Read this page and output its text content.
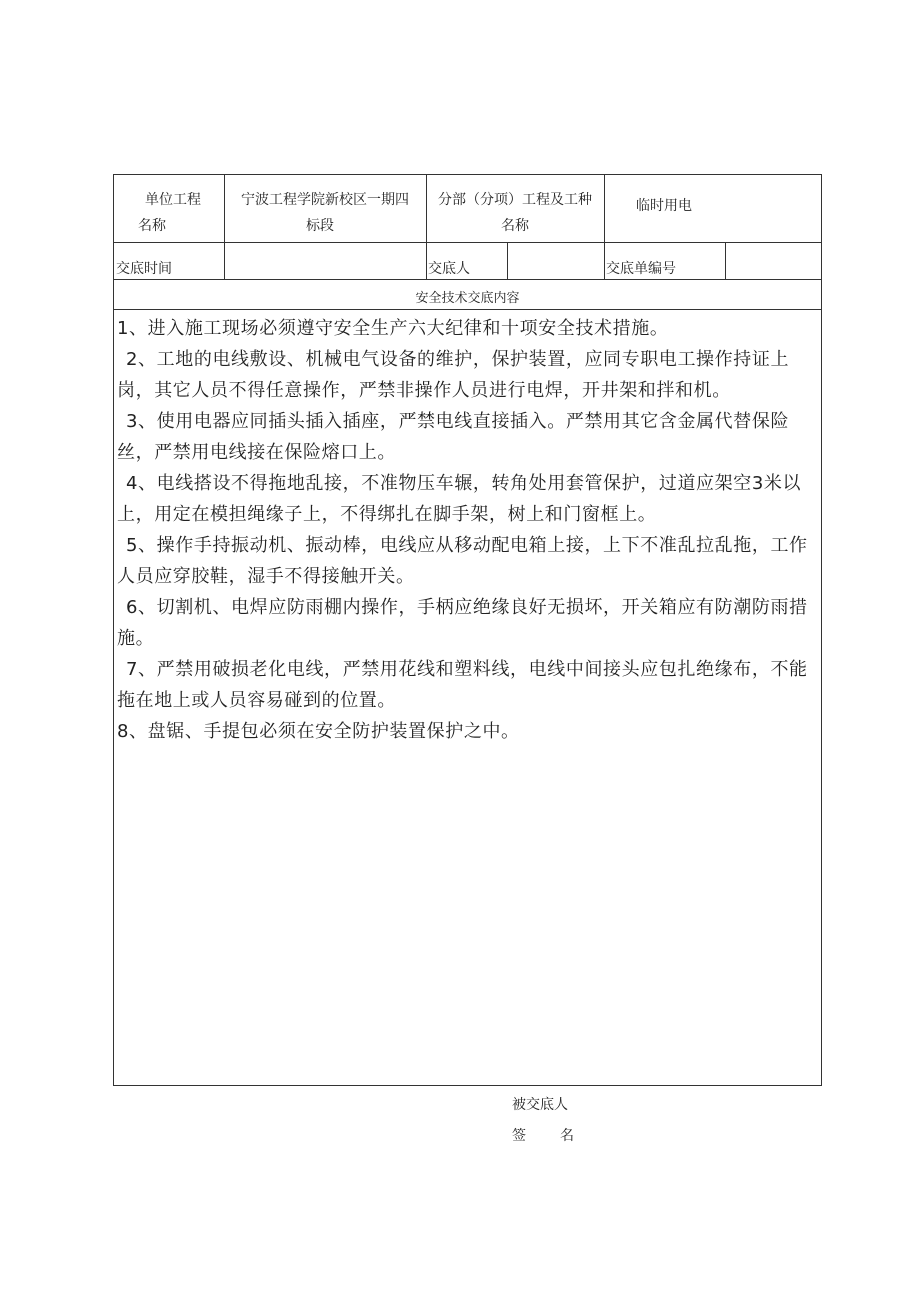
单位工程
名称
宁波工程学院新校区一期四
标段
分部（分项）工程及工种
名称
临时用电
交底时间	交底人	交底单编号
安全技术交底内容

1、进入施工现场必须遵守安全生产六大纪律和十项安全技术措施。

2、工地的电线敷设、机械电气设备的维护，保护装置，应同专职电工操作持证上岗，其它人员不得任意操作，严禁非操作人员进行电焊，开井架和拌和机。

3、使用电器应同插头插入插座，严禁电线直接插入。严禁用其它含金属代替保险丝，严禁用电线接在保险熔口上。

4、电线搭设不得拖地乱接，不准物压车辗，转角处用套管保护，过道应架空3米以上，用定在模担绳缘子上，不得绑扎在脚手架，树上和门窗框上。

5、操作手持振动机、振动棒，电线应从移动配电箱上接，上下不准乱拉乱拖，工作人员应穿胶鞋，湿手不得接触开关。

6、切割机、电焊应防雨棚内操作，手柄应绝缘良好无损坏，开关箱应有防潮防雨措施。

7、严禁用破损老化电线，严禁用花线和塑料线，电线中间接头应包扎绝缘布，不能拖在地上或人员容易碰到的位置。

8、盘锯、手提包必须在安全防护装置保护之中。

被交底人
签 名
